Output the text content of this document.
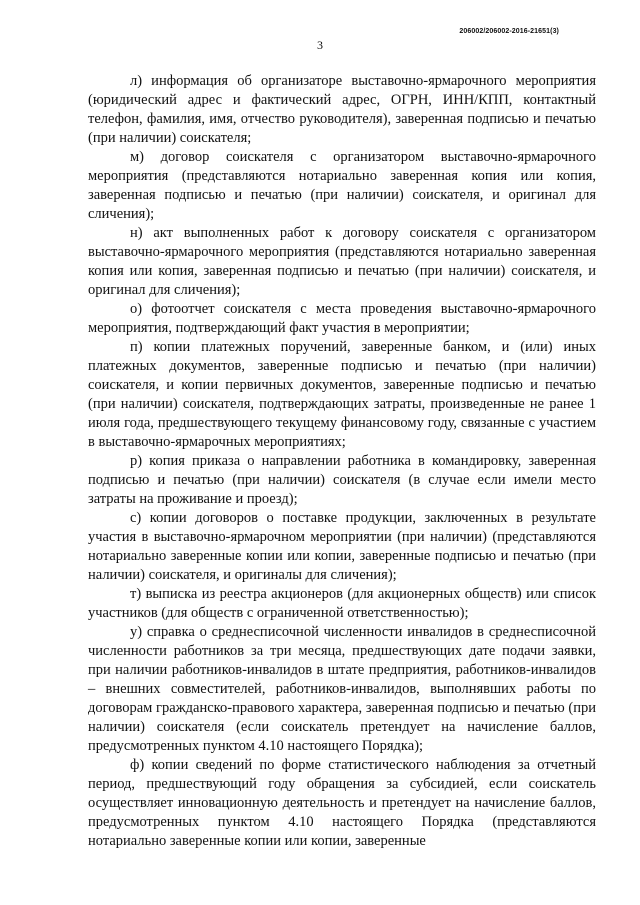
206002/206002-2016-21651(3)
3

л) информация об организаторе выставочно-ярмарочного мероприятия (юридический адрес и фактический адрес, ОГРН, ИНН/КПП, контактный телефон, фамилия, имя, отчество руководителя), заверенная подписью и печатью (при наличии) соискателя;

м) договор соискателя с организатором выставочно-ярмарочного мероприятия (представляются нотариально заверенная копия или копия, заверенная подписью и печатью (при наличии) соискателя, и оригинал для сличения);

н) акт выполненных работ к договору соискателя с организатором выставочно-ярмарочного мероприятия (представляются нотариально заверенная копия или копия, заверенная подписью и печатью (при наличии) соискателя, и оригинал для сличения);

о) фотоотчет соискателя с места проведения выставочно-ярмарочного мероприятия, подтверждающий факт участия в мероприятии;

п) копии платежных поручений, заверенные банком, и (или) иных платежных документов, заверенные подписью и печатью (при наличии) соискателя, и копии первичных документов, заверенные подписью и печатью (при наличии) соискателя, подтверждающих затраты, произведенные не ранее 1 июля года, предшествующего текущему финансовому году, связанные с участием в выставочно-ярмарочных мероприятиях;

р) копия приказа о направлении работника в командировку, заверенная подписью и печатью (при наличии) соискателя (в случае если имели место затраты на проживание и проезд);

с) копии договоров о поставке продукции, заключенных в результате участия в выставочно-ярмарочном мероприятии (при наличии) (представляются нотариально заверенные копии или копии, заверенные подписью и печатью (при наличии) соискателя, и оригиналы для сличения);

т) выписка из реестра акционеров (для акционерных обществ) или список участников (для обществ с ограниченной ответственностью);

у) справка о среднесписочной численности инвалидов в среднесписочной численности работников за три месяца, предшествующих дате подачи заявки, при наличии работников-инвалидов в штате предприятия, работников-инвалидов – внешних совместителей, работников-инвалидов, выполнявших работы по договорам гражданско-правового характера, заверенная подписью и печатью (при наличии) соискателя (если соискатель претендует на начисление баллов, предусмотренных пунктом 4.10 настоящего Порядка);

ф) копии сведений по форме статистического наблюдения за отчетный период, предшествующий году обращения за субсидией, если соискатель осуществляет инновационную деятельность и претендует на начисление баллов, предусмотренных пунктом 4.10 настоящего Порядка (представляются нотариально заверенные копии или копии, заверенные
